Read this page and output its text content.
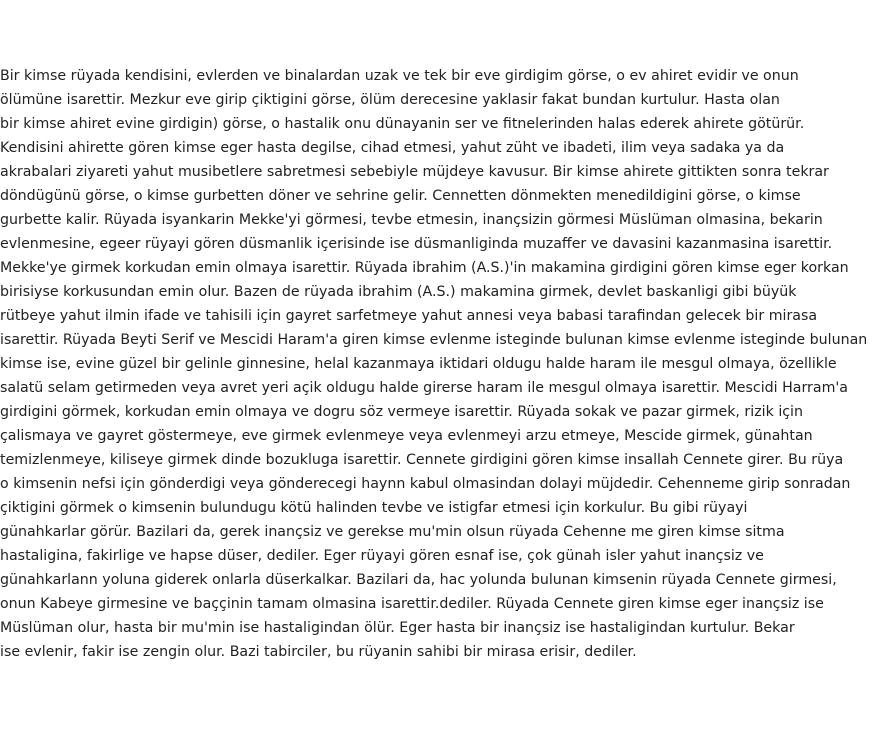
Bir kimse rüyada kendisini, evlerden ve binalardan uzak ve tek bir eve girdigim görse, o ev ahiret evidir ve onun
ölümüne isarettir. Mezkur eve girip çiktigini görse, ölüm derecesine yaklasir fakat bundan kurtulur. Hasta olan
bir kimse ahiret evine girdigin) görse, o hastalik onu dünayanin ser ve fitnelerinden halas ederek ahirete götürür.
Kendisini ahirette gören kimse eger hasta degilse, cihad etmesi, yahut züht ve ibadeti, ilim veya sadaka ya da
akrabalari ziyareti yahut musibetlere sabretmesi sebebiyle müjdeye kavusur. Bir kimse ahirete gittikten sonra tekrar
döndügünü görse, o kimse gurbetten döner ve sehrine gelir. Cennetten dönmekten menedildigini görse, o kimse
gurbette kalir. Rüyada isyankarin Mekke'yi görmesi, tevbe etmesin, inançsizin görmesi Müslüman olmasina, bekarin
evlenmesine, egeer rüyayi gören düsmanlik içerisinde ise düsmanliginda muzaffer ve davasini kazanmasina isarettir.
Mekke'ye girmek korkudan emin olmaya isarettir. Rüyada ibrahim (A.S.)'in makamina girdigini gören kimse eger korkan
birisiyse korkusundan emin olur. Bazen de rüyada ibrahim (A.S.) makamina girmek, devlet baskanligi gibi büyük
rütbeye yahut ilmin ifade ve tahisili için gayret sarfetmeye yahut annesi veya babasi tarafindan gelecek bir mirasa
isarettir. Rüyada Beyti Serif ve Mescidi Haram'a giren kimse evlenme isteginde bulunan kimse evlenme isteginde bulunan
kimse ise, evine güzel bir gelinle ginnesine, helal kazanmaya iktidari oldugu halde haram ile mesgul olmaya, özellikle
salatü selam getirmeden veya avret yeri açik oldugu halde girerse haram ile mesgul olmaya isarettir. Mescidi Harram'a
girdigini görmek, korkudan emin olmaya ve dogru söz vermeye isarettir. Rüyada sokak ve pazar girmek, rizik için
çalismaya ve gayret göstermeye, eve girmek evlenmeye veya evlenmeyi arzu etmeye, Mescide girmek, günahtan
temizlenmeye, kiliseye girmek dinde bozukluga isarettir. Cennete girdigini gören kimse insallah Cennete girer. Bu rüya
o kimsenin nefsi için gönderdigi veya gönderecegi haynn kabul olmasindan dolayi müjdedir. Cehenneme girip sonradan
çiktigini görmek o kimsenin bulundugu kötü halinden tevbe ve istigfar etmesi için korkulur. Bu gibi rüyayi
günahkarlar görür. Bazilari da, gerek inançsiz ve gerekse mu'min olsun rüyada Cehenne me giren kimse sitma
hastaligina, fakirlige ve hapse düser, dediler. Eger rüyayi gören esnaf ise, çok günah isler yahut inançsiz ve
günahkarlann yoluna giderek onlarla düserkalkar. Bazilari da, hac yolunda bulunan kimsenin rüyada Cennete girmesi,
onun Kabeye girmesine ve baççinin tamam olmasina isarettir.dediler. Rüyada Cennete giren kimse eger inançsiz ise
Müslüman olur, hasta bir mu'min ise hastaligindan ölür. Eger hasta bir inançsiz ise hastaligindan kurtulur. Bekar
ise evlenir, fakir ise zengin olur. Bazi tabirciler, bu rüyanin sahibi bir mirasa erisir, dediler.
